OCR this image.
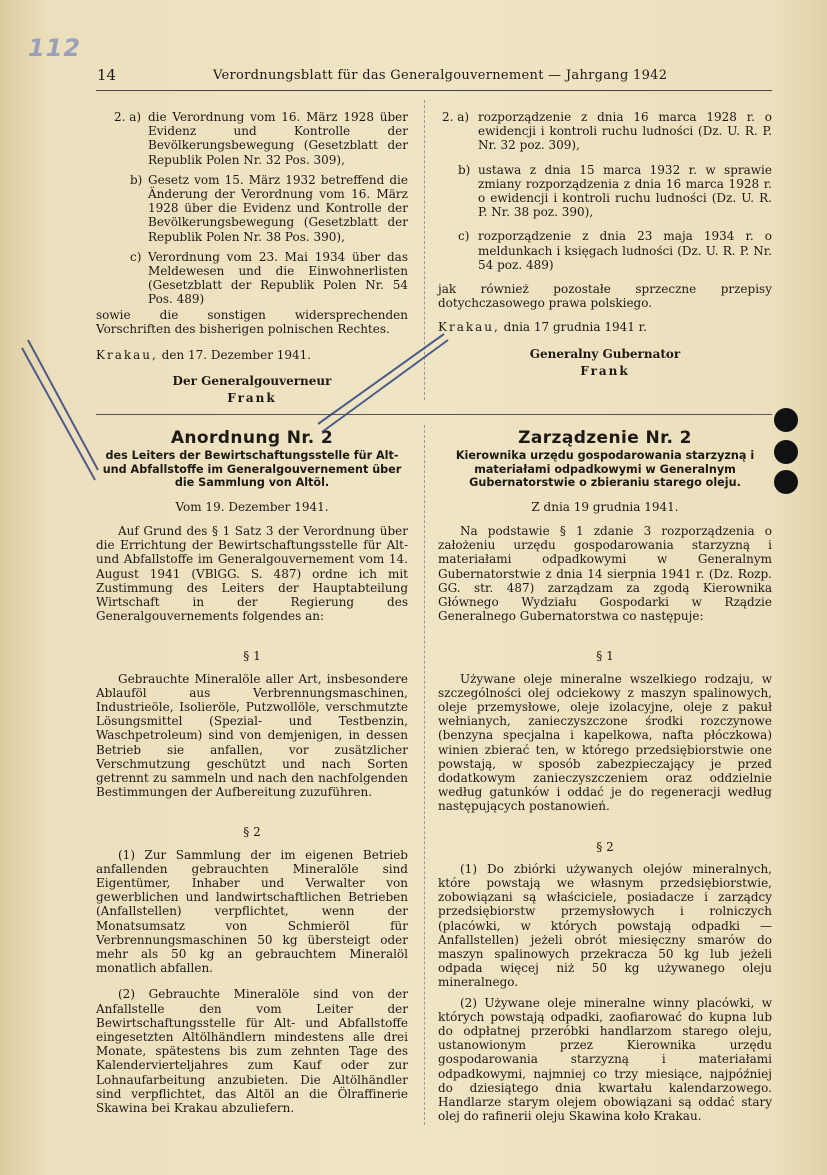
112
14	Verordnungsblatt für das Generalgouvernement — Jahrgang 1942
2. a) die Verordnung vom 16. März 1928 über Evidenz und Kontrolle der Bevölkerungsbewegung (Gesetzblatt der Republik Polen Nr. 32 Pos. 309),
b) Gesetz vom 15. März 1932 betreffend die Änderung der Verordnung vom 16. März 1928 über die Evidenz und Kontrolle der Bevölkerungsbewegung (Gesetzblatt der Republik Polen Nr. 38 Pos. 390),
c) Verordnung vom 23. Mai 1934 über das Meldewesen und die Einwohnerlisten (Gesetzblatt der Republik Polen Nr. 54 Pos. 489)

sowie die sonstigen widersprechenden Vorschriften des bisherigen polnischen Rechtes.

Krakau, den 17. Dezember 1941.

Der Generalgouverneur
Frank
2. a) rozporządzenie z dnia 16 marca 1928 r. o ewidencji i kontroli ruchu ludności (Dz. U. R. P. Nr. 32 poz. 309),
b) ustawa z dnia 15 marca 1932 r. w sprawie zmiany rozporządzenia z dnia 16 marca 1928 r. o ewidencji i kontroli ruchu ludności (Dz. U. R. P. Nr. 38 poz. 390),
c) rozporządzenie z dnia 23 maja 1934 r. o meldunkach i księgach ludności (Dz. U. R. P. Nr. 54 poz. 489)

jak również pozostałe sprzeczne przepisy dotychczasowego prawa polskiego.

Krakau, dnia 17 grudnia 1941 r.

Generalny Gubernator
Frank
Anordnung Nr. 2
des Leiters der Bewirtschaftungsstelle für Alt- und Abfallstoffe im Generalgouvernement über die Sammlung von Altöl.
Vom 19. Dezember 1941.

Auf Grund des § 1 Satz 3 der Verordnung über die Errichtung der Bewirtschaftungsstelle für Alt- und Abfallstoffe im Generalgouvernement vom 14. August 1941 (VBlGG. S. 487) ordne ich mit Zustimmung des Leiters der Hauptabteilung Wirtschaft in der Regierung des Generalgouvernements folgendes an:

§ 1

Gebrauchte Mineralöle aller Art, insbesondere Ablauföl aus Verbrennungsmaschinen, Industrieöle, Isolieröle, Putzwollöle, verschmutzte Lösungsmittel (Spezial- und Testbenzin, Waschpetroleum) sind von demjenigen, in dessen Betrieb sie anfallen, vor zusätzlicher Verschmutzung geschützt und nach Sorten getrennt zu sammeln und nach den nachfolgenden Bestimmungen der Aufbereitung zuzuführen.

§ 2

(1) Zur Sammlung der im eigenen Betrieb anfallenden gebrauchten Mineralöle sind Eigentümer, Inhaber und Verwalter von gewerblichen und landwirtschaftlichen Betrieben (Anfallstellen) verpflichtet, wenn der Monatsumsatz von Schmieröl für Verbrennungsmaschinen 50 kg übersteigt oder mehr als 50 kg an gebrauchtem Mineralöl monatlich abfallen.

(2) Gebrauchte Mineralöle sind von der Anfallstelle den vom Leiter der Bewirtschaftungsstelle für Alt- und Abfallstoffe eingesetzten Altölhändlern mindestens alle drei Monate, spätestens bis zum zehnten Tage des Kalendervierteljahres zum Kauf oder zur Lohnaufarbeitung anzubieten. Die Altölhändler sind verpflichtet, das Altöl an die Ölraffinerie Skawina bei Krakau abzuliefern.

Zarządzenie Nr. 2
Kierownika urzędu gospodarowania starzyzną i materiałami odpadkowymi w Generalnym Gubernatorstwie o zbieraniu starego oleju.
Z dnia 19 grudnia 1941.

Na podstawie § 1 zdanie 3 rozporządzenia o założeniu urzędu gospodarowania starzyzną i materiałami odpadkowymi w Generalnym Gubernatorstwie z dnia 14 sierpnia 1941 r. (Dz. Rozp. GG. str. 487) zarządzam za zgodą Kierownika Głównego Wydziału Gospodarki w Rządzie Generalnego Gubernatorstwa co następuje:

§ 1

Używane oleje mineralne wszelkiego rodzaju, w szczególności olej odciekowy z maszyn spalinowych, oleje przemysłowe, oleje izolacyjne, oleje z pakuł wełnianych, zanieczyszczone środki rozczynowe (benzyna specjalna i kapelkowa, nafta płóczkowa) winien zbierać ten, w którego przedsiębiorstwie one powstają, w sposób zabezpieczający je przed dodatkowym zanieczyszczeniem oraz oddzielnie według gatunków i oddać je do regeneracji według następujących postanowień.

§ 2

(1) Do zbiórki używanych olejów mineralnych, które powstają we własnym przedsiębiorstwie, zobowiązani są właściciele, posiadacze i zarządcy przedsiębiorstw przemysłowych i rolniczych (placówki, w których powstają odpadki — Anfallstellen) jeżeli obrót miesięczny smarów do maszyn spalinowych przekracza 50 kg lub jeżeli odpada więcej niż 50 kg używanego oleju mineralnego.

(2) Używane oleje mineralne winny placówki, w których powstają odpadki, zaofiarować do kupna lub do odpłatnej przeróbki handlarzom starego oleju, ustanowionym przez Kierownika urzędu gospodarowania starzyzną i materiałami odpadkowymi, najmniej co trzy miesiące, najpóźniej do dziesiątego dnia kwartału kalendarzowego. Handlarze starym olejem obowiązani są oddać stary olej do rafinerii oleju Skawina koło Krakau.
